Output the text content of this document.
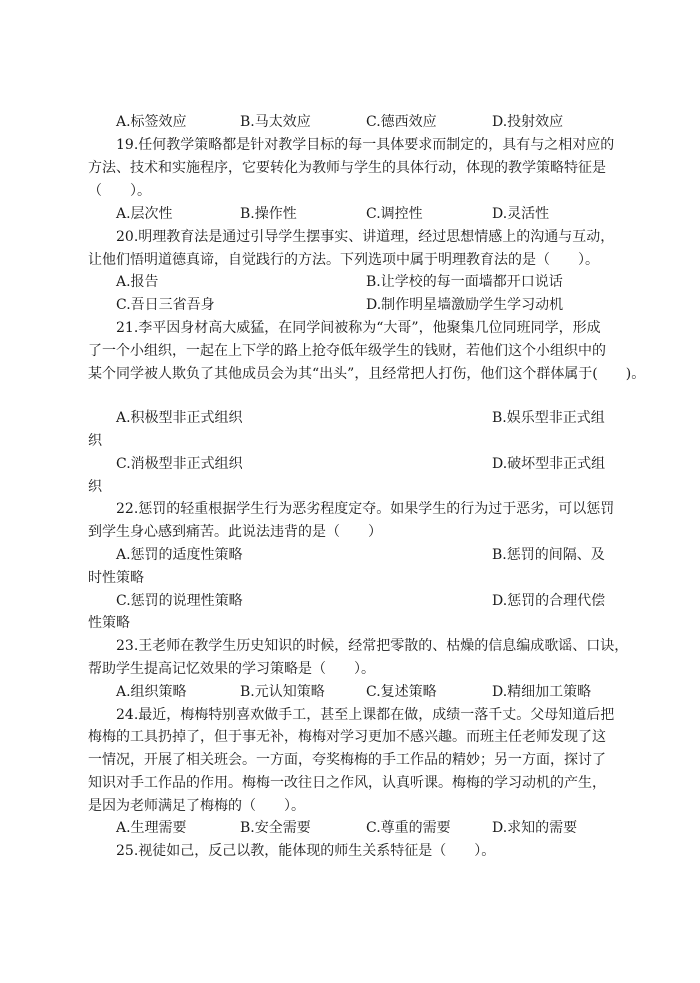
A.标签效应	B.马太效应	C.德西效应	D.投射效应
19.任何教学策略都是针对教学目标的每一具体要求而制定的，具有与之相对应的
方法、技术和实施程序，它要转化为教师与学生的具体行动，体现的教学策略特征是
（　　）。
A.层次性	B.操作性	C.调控性	D.灵活性
20.明理教育法是通过引导学生摆事实、讲道理，经过思想情感上的沟通与互动，
让他们悟明道德真谛，自觉践行的方法。下列选项中属于明理教育法的是（　　）。
A.报告	B.让学校的每一面墙都开口说话
C.吾日三省吾身	D.制作明星墙激励学生学习动机
21.李平因身材高大威猛，在同学间被称为“大哥”，他聚集几位同班同学，形成
了一个小组织，一起在上下学的路上抢夺低年级学生的钱财，若他们这个小组织中的
某个同学被人欺负了其他成员会为其“出头”，且经常把人打伤，他们这个群体属于(　　)。
A.积极型非正式组织	B.娱乐型非正式组
织
C.消极型非正式组织	D.破坏型非正式组
织
22.惩罚的轻重根据学生行为恶劣程度定夺。如果学生的行为过于恶劣，可以惩罚
到学生身心感到痛苦。此说法违背的是（　　）
A.惩罚的适度性策略	B.惩罚的间隔、及
时性策略
C.惩罚的说理性策略	D.惩罚的合理代偿
性策略
23.王老师在教学生历史知识的时候，经常把零散的、枯燥的信息编成歌谣、口诀，
帮助学生提高记忆效果的学习策略是（　　）。
A.组织策略	B.元认知策略	C.复述策略	D.精细加工策略
24.最近，梅梅特别喜欢做手工，甚至上课都在做，成绩一落千丈。父母知道后把
梅梅的工具扔掉了，但于事无补，梅梅对学习更加不感兴趣。而班主任老师发现了这
一情况，开展了相关班会。一方面，夸奖梅梅的手工作品的精妙；另一方面，探讨了
知识对手工作品的作用。梅梅一改往日之作风，认真听课。梅梅的学习动机的产生，
是因为老师满足了梅梅的（　　）。
A.生理需要	B.安全需要	C.尊重的需要	D.求知的需要
25.视徒如己，反己以教，能体现的师生关系特征是（　　）。
